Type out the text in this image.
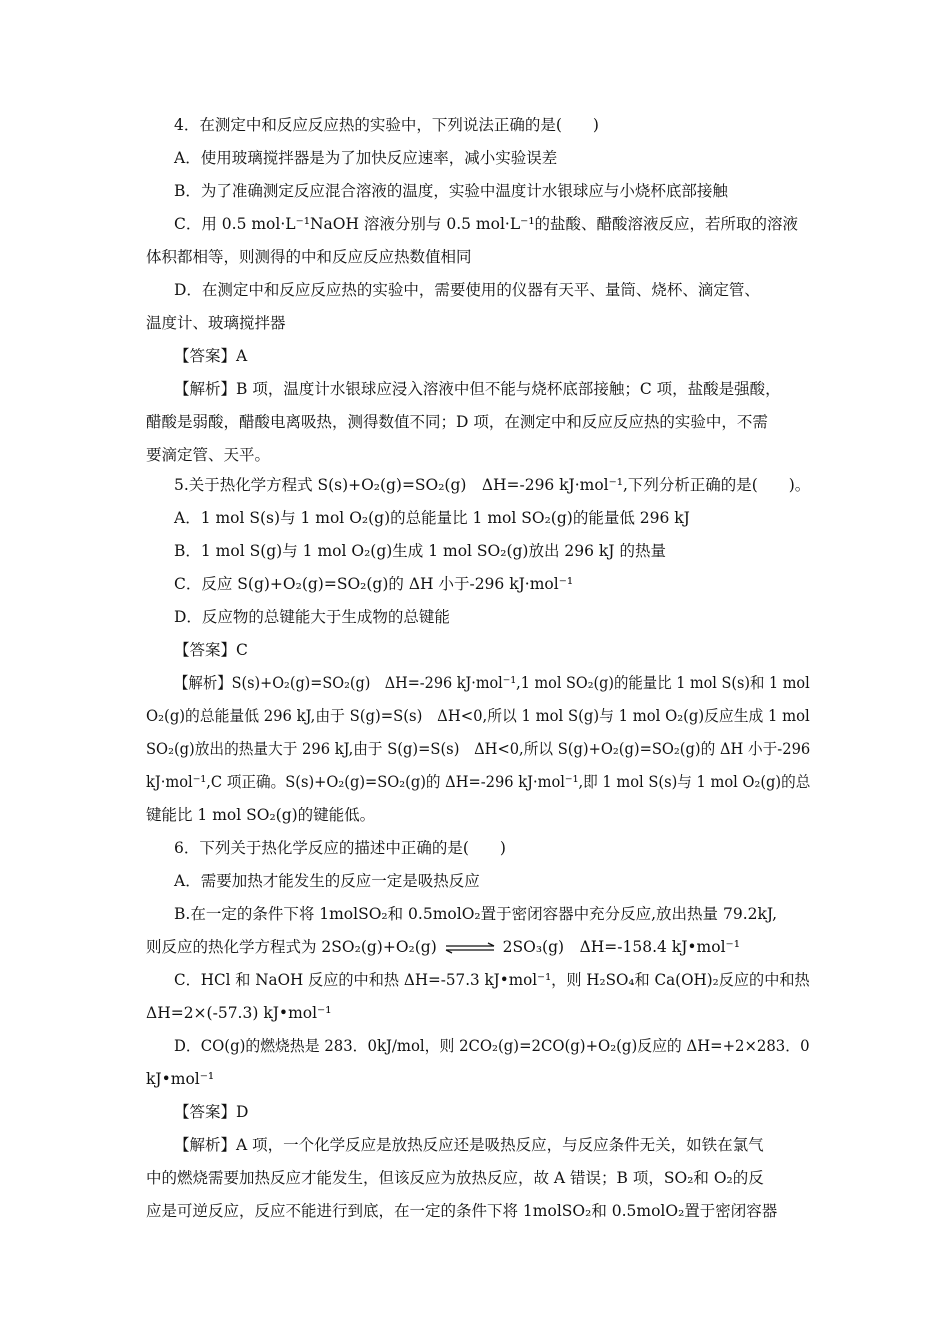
4．在测定中和反应反应热的实验中，下列说法正确的是(　　)
A．使用玻璃搅拌器是为了加快反应速率，减小实验误差
B．为了准确测定反应混合溶液的温度，实验中温度计水银球应与小烧杯底部接触
C．用 0.5 mol·L⁻¹NaOH 溶液分别与 0.5 mol·L⁻¹的盐酸、醋酸溶液反应，若所取的溶液
体积都相等，则测得的中和反应反应热数值相同
D．在测定中和反应反应热的实验中，需要使用的仪器有天平、量筒、烧杯、滴定管、
温度计、玻璃搅拌器
【答案】A
【解析】B 项，温度计水银球应浸入溶液中但不能与烧杯底部接触；C 项，盐酸是强酸，
醋酸是弱酸，醋酸电离吸热，测得数值不同；D 项，在测定中和反应反应热的实验中，不需
要滴定管、天平。
5.关于热化学方程式 S(s)+O₂(g)=SO₂(g)　ΔH=-296 kJ·mol⁻¹,下列分析正确的是(　　)。
A．1 mol S(s)与 1 mol O₂(g)的总能量比 1 mol SO₂(g)的能量低 296 kJ
B．1 mol S(g)与 1 mol O₂(g)生成 1 mol SO₂(g)放出 296 kJ 的热量
C．反应 S(g)+O₂(g)=SO₂(g)的 ΔH 小于-296 kJ·mol⁻¹
D．反应物的总键能大于生成物的总键能
【答案】C
【解析】S(s)+O₂(g)=SO₂(g)　ΔH=-296 kJ·mol⁻¹,1 mol SO₂(g)的能量比 1 mol S(s)和 1 mol
O₂(g)的总能量低 296 kJ,由于 S(g)=S(s)　ΔH<0,所以 1 mol S(g)与 1 mol O₂(g)反应生成 1 mol
SO₂(g)放出的热量大于 296 kJ,由于 S(g)=S(s)　ΔH<0,所以 S(g)+O₂(g)=SO₂(g)的 ΔH 小于-296
kJ·mol⁻¹,C 项正确。S(s)+O₂(g)=SO₂(g)的 ΔH=-296 kJ·mol⁻¹,即 1 mol S(s)与 1 mol O₂(g)的总
键能比 1 mol SO₂(g)的键能低。
6．下列关于热化学反应的描述中正确的是(　　)
A．需要加热才能发生的反应一定是吸热反应
B.在一定的条件下将 1molSO₂和 0.5molO₂置于密闭容器中充分反应,放出热量 79.2kJ,
则反应的热化学方程式为 2SO₂(g)+O₂(g) ⇌ 2SO₃(g)　ΔH=-158.4 kJ•mol⁻¹
C．HCl 和 NaOH 反应的中和热 ΔH=-57.3 kJ•mol⁻¹，则 H₂SO₄和 Ca(OH)₂反应的中和热
ΔH=2×(-57.3) kJ•mol⁻¹
D．CO(g)的燃烧热是 283．0kJ/mol，则 2CO₂(g)=2CO(g)+O₂(g)反应的 ΔH=+2×283．0
kJ•mol⁻¹
【答案】D
【解析】A 项，一个化学反应是放热反应还是吸热反应，与反应条件无关，如铁在氯气
中的燃烧需要加热反应才能发生，但该反应为放热反应，故 A 错误；B 项，SO₂和 O₂的反
应是可逆反应，反应不能进行到底，在一定的条件下将 1molSO₂和 0.5molO₂置于密闭容器
